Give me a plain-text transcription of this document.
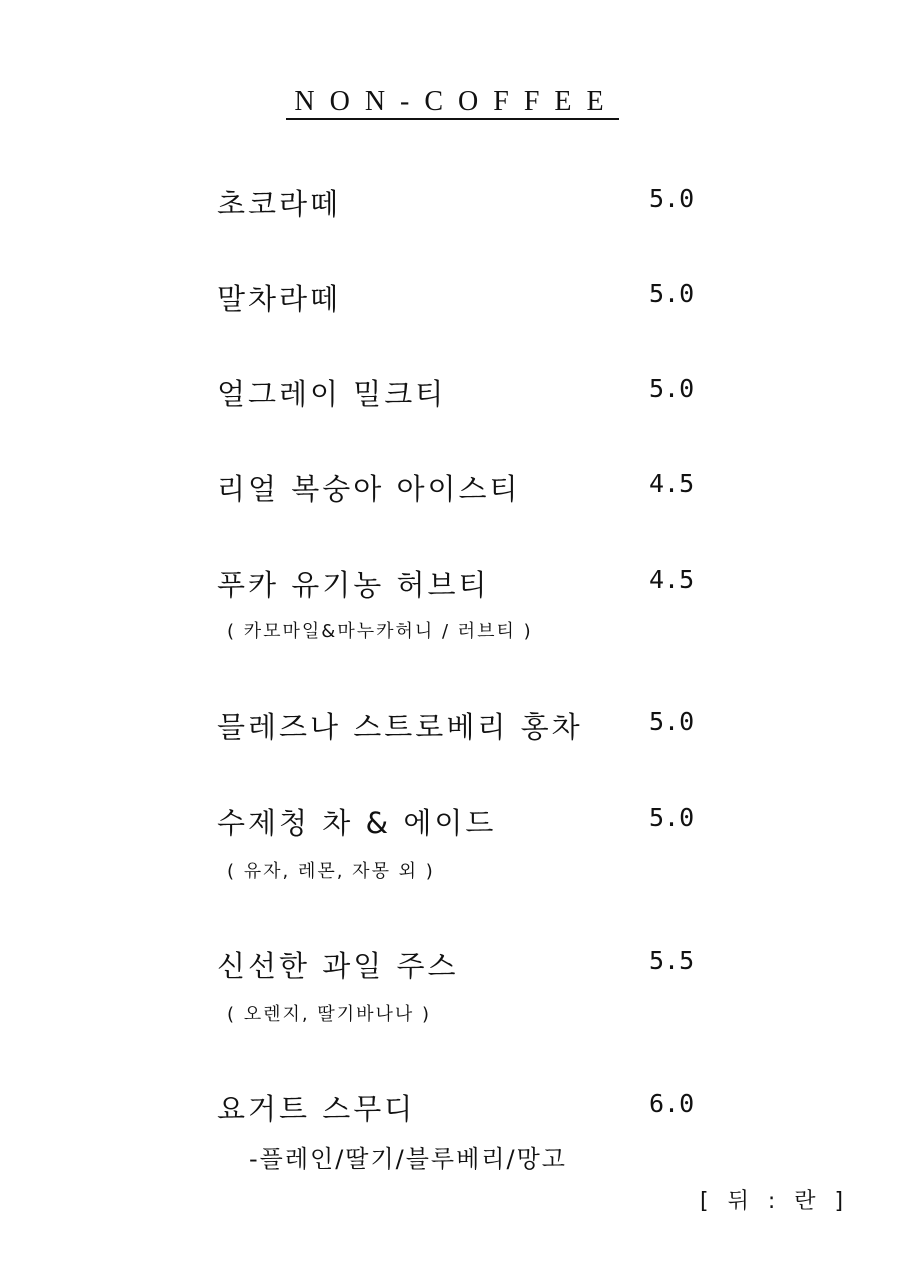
NON-COFFEE
초코라떼	5.0
말차라떼	5.0
얼그레이 밀크티	5.0
리얼 복숭아 아이스티	4.5
푸카 유기농 허브티	4.5
( 카모마일&마누카허니 / 러브티 )
믈레즈나 스트로베리 홍차	5.0
수제청 차 & 에이드	5.0
( 유자, 레몬, 자몽 외 )
신선한 과일 주스	5.5
( 오렌지, 딸기바나나 )
요거트 스무디	6.0
-플레인/딸기/블루베리/망고
[ 뒤 : 란 ]
